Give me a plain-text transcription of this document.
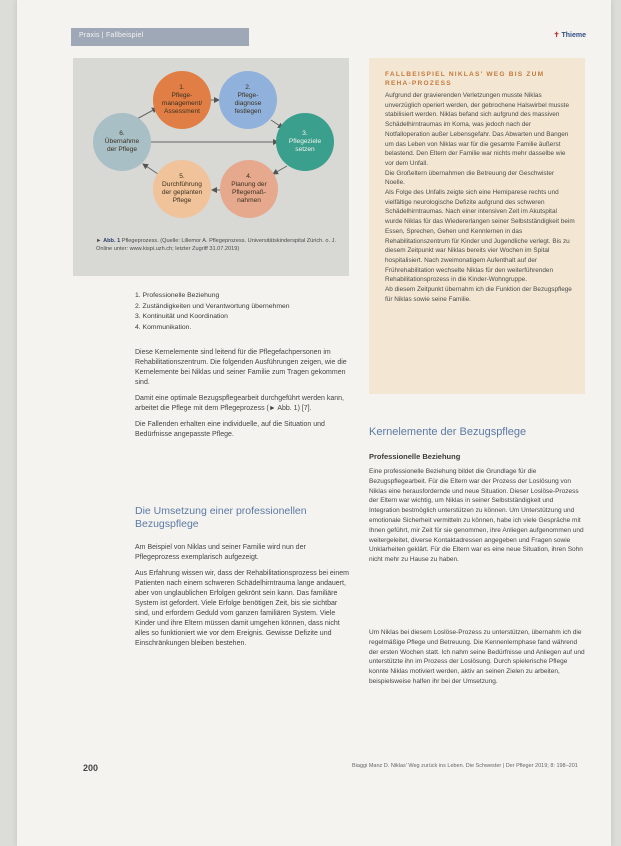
Praxis | Fallbeispiel	✝ Thieme
1.
Pflege-
management/
Assessment
2.
Pflege-
diagnose
festlegen
3.
Pflegeziele
setzen
4.
Planung der
Pflegemaß-
nahmen
5.
Durchführung
der geplanten
Pflege
6.
Übernahme
der Pflege
► Abb. 1 Pflegeprozess. (Quelle: Lillemor A. Pflegeprozess. Universitätskinderspital Zürich. o. J. Online unter: www.kispi.uzh.ch; letzter Zugriff 31.07.2019)
1. Professionelle Beziehung
2. Zuständigkeiten und Verantwortung übernehmen
3. Kontinuität und Koordination
4. Kommunikation.

Diese Kernelemente sind leitend für die Pflegefachpersonen im Rehabilitationszentrum. Die folgenden Ausführungen zeigen, wie die Kernelemente bei Niklas und seiner Familie zum Tragen gekommen sind.

Damit eine optimale Bezugspflegearbeit durchgeführt werden kann, arbeitet die Pflege mit dem Pflegeprozess (► Abb. 1) [7].

Die Fallenden erhalten eine individuelle, auf die Situation und Bedürfnisse angepasste Pflege.

Die Umsetzung einer professionellen Bezugspflege

Am Beispiel von Niklas und seiner Familie wird nun der Pflegeprozess exemplarisch aufgezeigt.

Aus Erfahrung wissen wir, dass der Rehabilitationsprozess bei einem Patienten nach einem schweren Schädelhirntrauma lange andauert, aber von unglaublichen Erfolgen gekrönt sein kann. Das familiäre System ist gefordert. Viele Erfolge benötigen Zeit, bis sie sichtbar sind, und erfordern Geduld vom ganzen familiären System. Viele Kinder und ihre Eltern müssen damit umgehen können, dass nicht alles so funktioniert wie vor dem Ereignis. Gewisse Defizite und Einschränkungen bleiben bestehen.

FALLBEISPIEL NIKLAS' WEG BIS ZUM REHA-PROZESS

Aufgrund der gravierenden Verletzungen musste Niklas unverzüglich operiert werden, der gebrochene Halswirbel musste stabilisiert werden. Niklas befand sich aufgrund des massiven Schädelhirntraumas im Koma, was jedoch nach der Notfalloperation außer Lebensgefahr. Das Abwarten und Bangen um das Leben von Niklas war für die gesamte Familie äußerst belastend. Den Eltern der Familie war nichts mehr dasselbe wie vor dem Unfall.

Die Großeltern übernahmen die Betreuung der Geschwister Noelle.

Als Folge des Unfalls zeigte sich eine Hemiparese rechts und vielfältige neurologische Defizite aufgrund des schweren Schädelhirntraumas. Nach einer intensiven Zeit im Akutspital wurde Niklas für das Wiedererlangen seiner Selbstständigkeit beim Essen, Sprechen, Gehen und Kennlernen in das Rehabilitationszentrum für Kinder und Jugendliche verlegt. Bis zu diesem Zeitpunkt war Niklas bereits vier Wochen im Spital hospitalisiert. Nach zweimonatigem Aufenthalt auf der Frührehabilitation wechselte Niklas für den weiterführenden Rehabilitationsprozess in die Kinder-Wohngruppe.

Ab diesem Zeitpunkt übernahm ich die Funktion der Bezugspflege für Niklas sowie seine Familie.

Kernelemente der Bezugspflege
Professionelle Beziehung
Eine professionelle Beziehung bildet die Grundlage für die Bezugspflegearbeit. Für die Eltern war der Prozess der Loslösung von Niklas eine herausfordernde und neue Situation. Dieser Loslöse-Prozess der Eltern war wichtig, um Niklas in seiner Selbstständigkeit und Integration bestmöglich unterstützen zu können. Um Unterstützung und emotionale Sicherheit vermitteln zu können, habe ich viele Gespräche mit Ihnen geführt, mir Zeit für sie genommen, ihre Anliegen aufgenommen und weitergeleitet, diverse Kontaktadressen angegeben und Fragen sowie Unklarheiten geklärt. Für die Eltern war es eine neue Situation, ihren Sohn nicht mehr zu Hause zu haben.
Um Niklas bei diesem Loslöse-Prozess zu unterstützen, übernahm ich die regelmäßige Pflege und Betreuung. Die Kennenlernphase fand während der ersten Wochen statt. Ich nahm seine Bedürfnisse und Anliegen auf und unterstützte ihn im Prozess der Loslösung. Durch spielerische Pflege konnte Niklas motiviert werden, aktiv an seinen Zielen zu arbeiten, beispielsweise halfen ihr bei der Umsetzung.
200	Biaggi Manz D. Niklas' Weg zurück ins Leben. Die Schwester | Der Pfleger 2019; 8: 198–201
